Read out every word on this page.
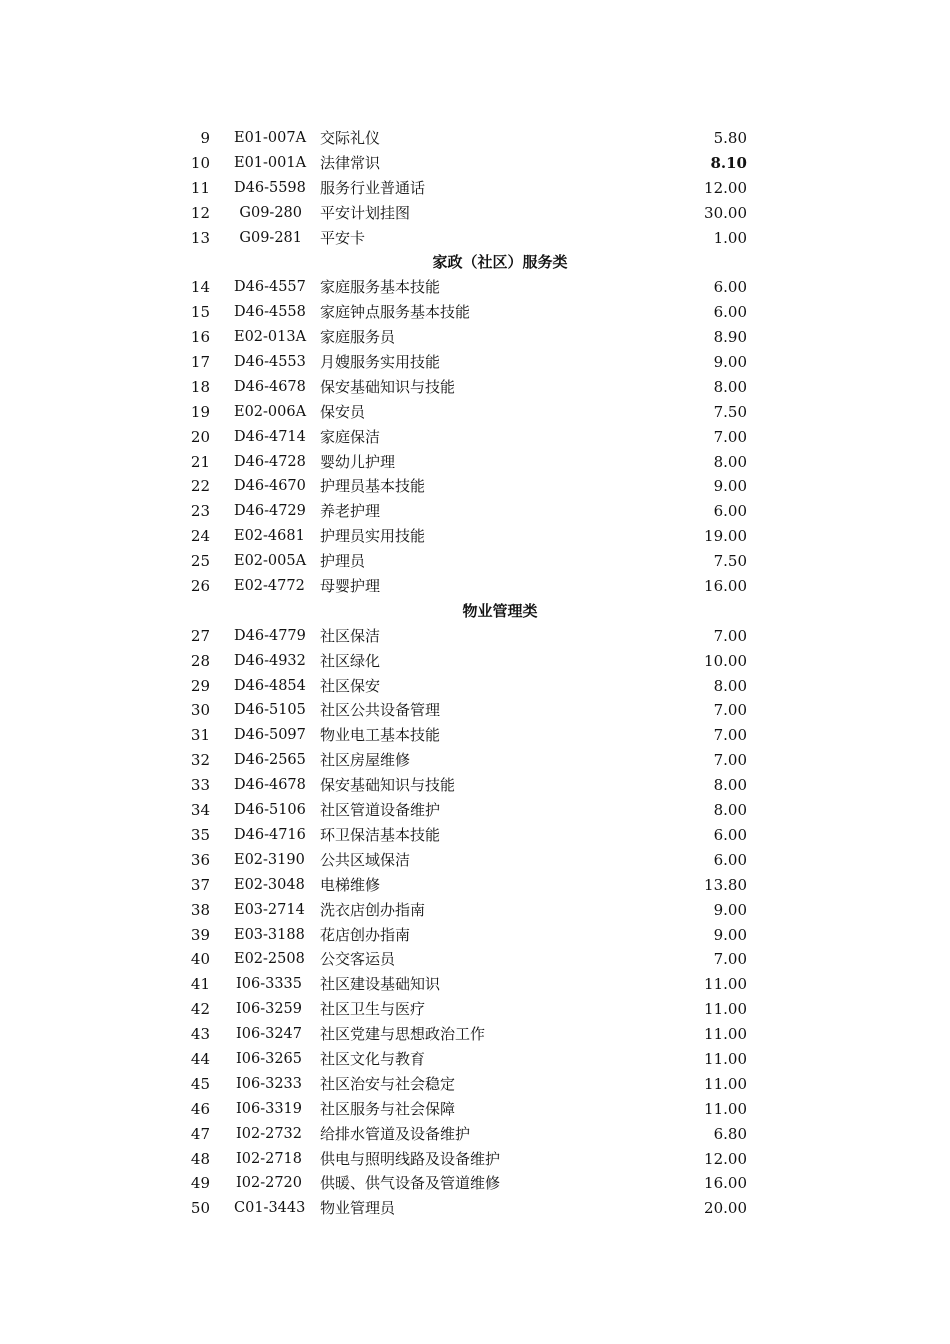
9 E01-007A 交际礼仪	5.80
10 E01-001A 法律常识	8.10
11 D46-5598 服务行业普通话	12.00
12	G09-280 平安计划挂图	30.00
13	G09-281 平安卡	1.00
家政（社区）服务类
14 D46-4557 家庭服务基本技能	6.00
15 D46-4558 家庭钟点服务基本技能	6.00
16 E02-013A 家庭服务员	8.90
17 D46-4553 月嫂服务实用技能	9.00
18 D46-4678 保安基础知识与技能	8.00
19 E02-006A 保安员	7.50
20 D46-4714 家庭保洁	7.00
21 D46-4728 婴幼儿护理	8.00
22 D46-4670 护理员基本技能	9.00
23 D46-4729 养老护理	6.00
24 E02-4681 护理员实用技能	19.00
25 E02-005A 护理员	7.50
26 E02-4772 母婴护理	16.00
物业管理类
27 D46-4779 社区保洁	7.00
28 D46-4932 社区绿化	10.00
29 D46-4854 社区保安	8.00
30 D46-5105 社区公共设备管理	7.00
31 D46-5097 物业电工基本技能	7.00
32 D46-2565 社区房屋维修	7.00
33 D46-4678 保安基础知识与技能	8.00
34 D46-5106 社区管道设备维护	8.00
35 D46-4716 环卫保洁基本技能	6.00
36 E02-3190 公共区域保洁	6.00
37 E02-3048 电梯维修	13.80
38 E03-2714 洗衣店创办指南	9.00
39 E03-3188 花店创办指南	9.00
40 E02-2508 公交客运员	7.00
41 I06-3335 社区建设基础知识	11.00
42 I06-3259 社区卫生与医疗	11.00
43 I06-3247 社区党建与思想政治工作	11.00
44 I06-3265 社区文化与教育	11.00
45 I06-3233 社区治安与社会稳定	11.00
46 I06-3319 社区服务与社会保障	11.00
47 I02-2732 给排水管道及设备维护	6.80
48 I02-2718 供电与照明线路及设备维护	12.00
49 I02-2720 供暖、供气设备及管道维修	16.00
50 C01-3443 物业管理员	20.00
